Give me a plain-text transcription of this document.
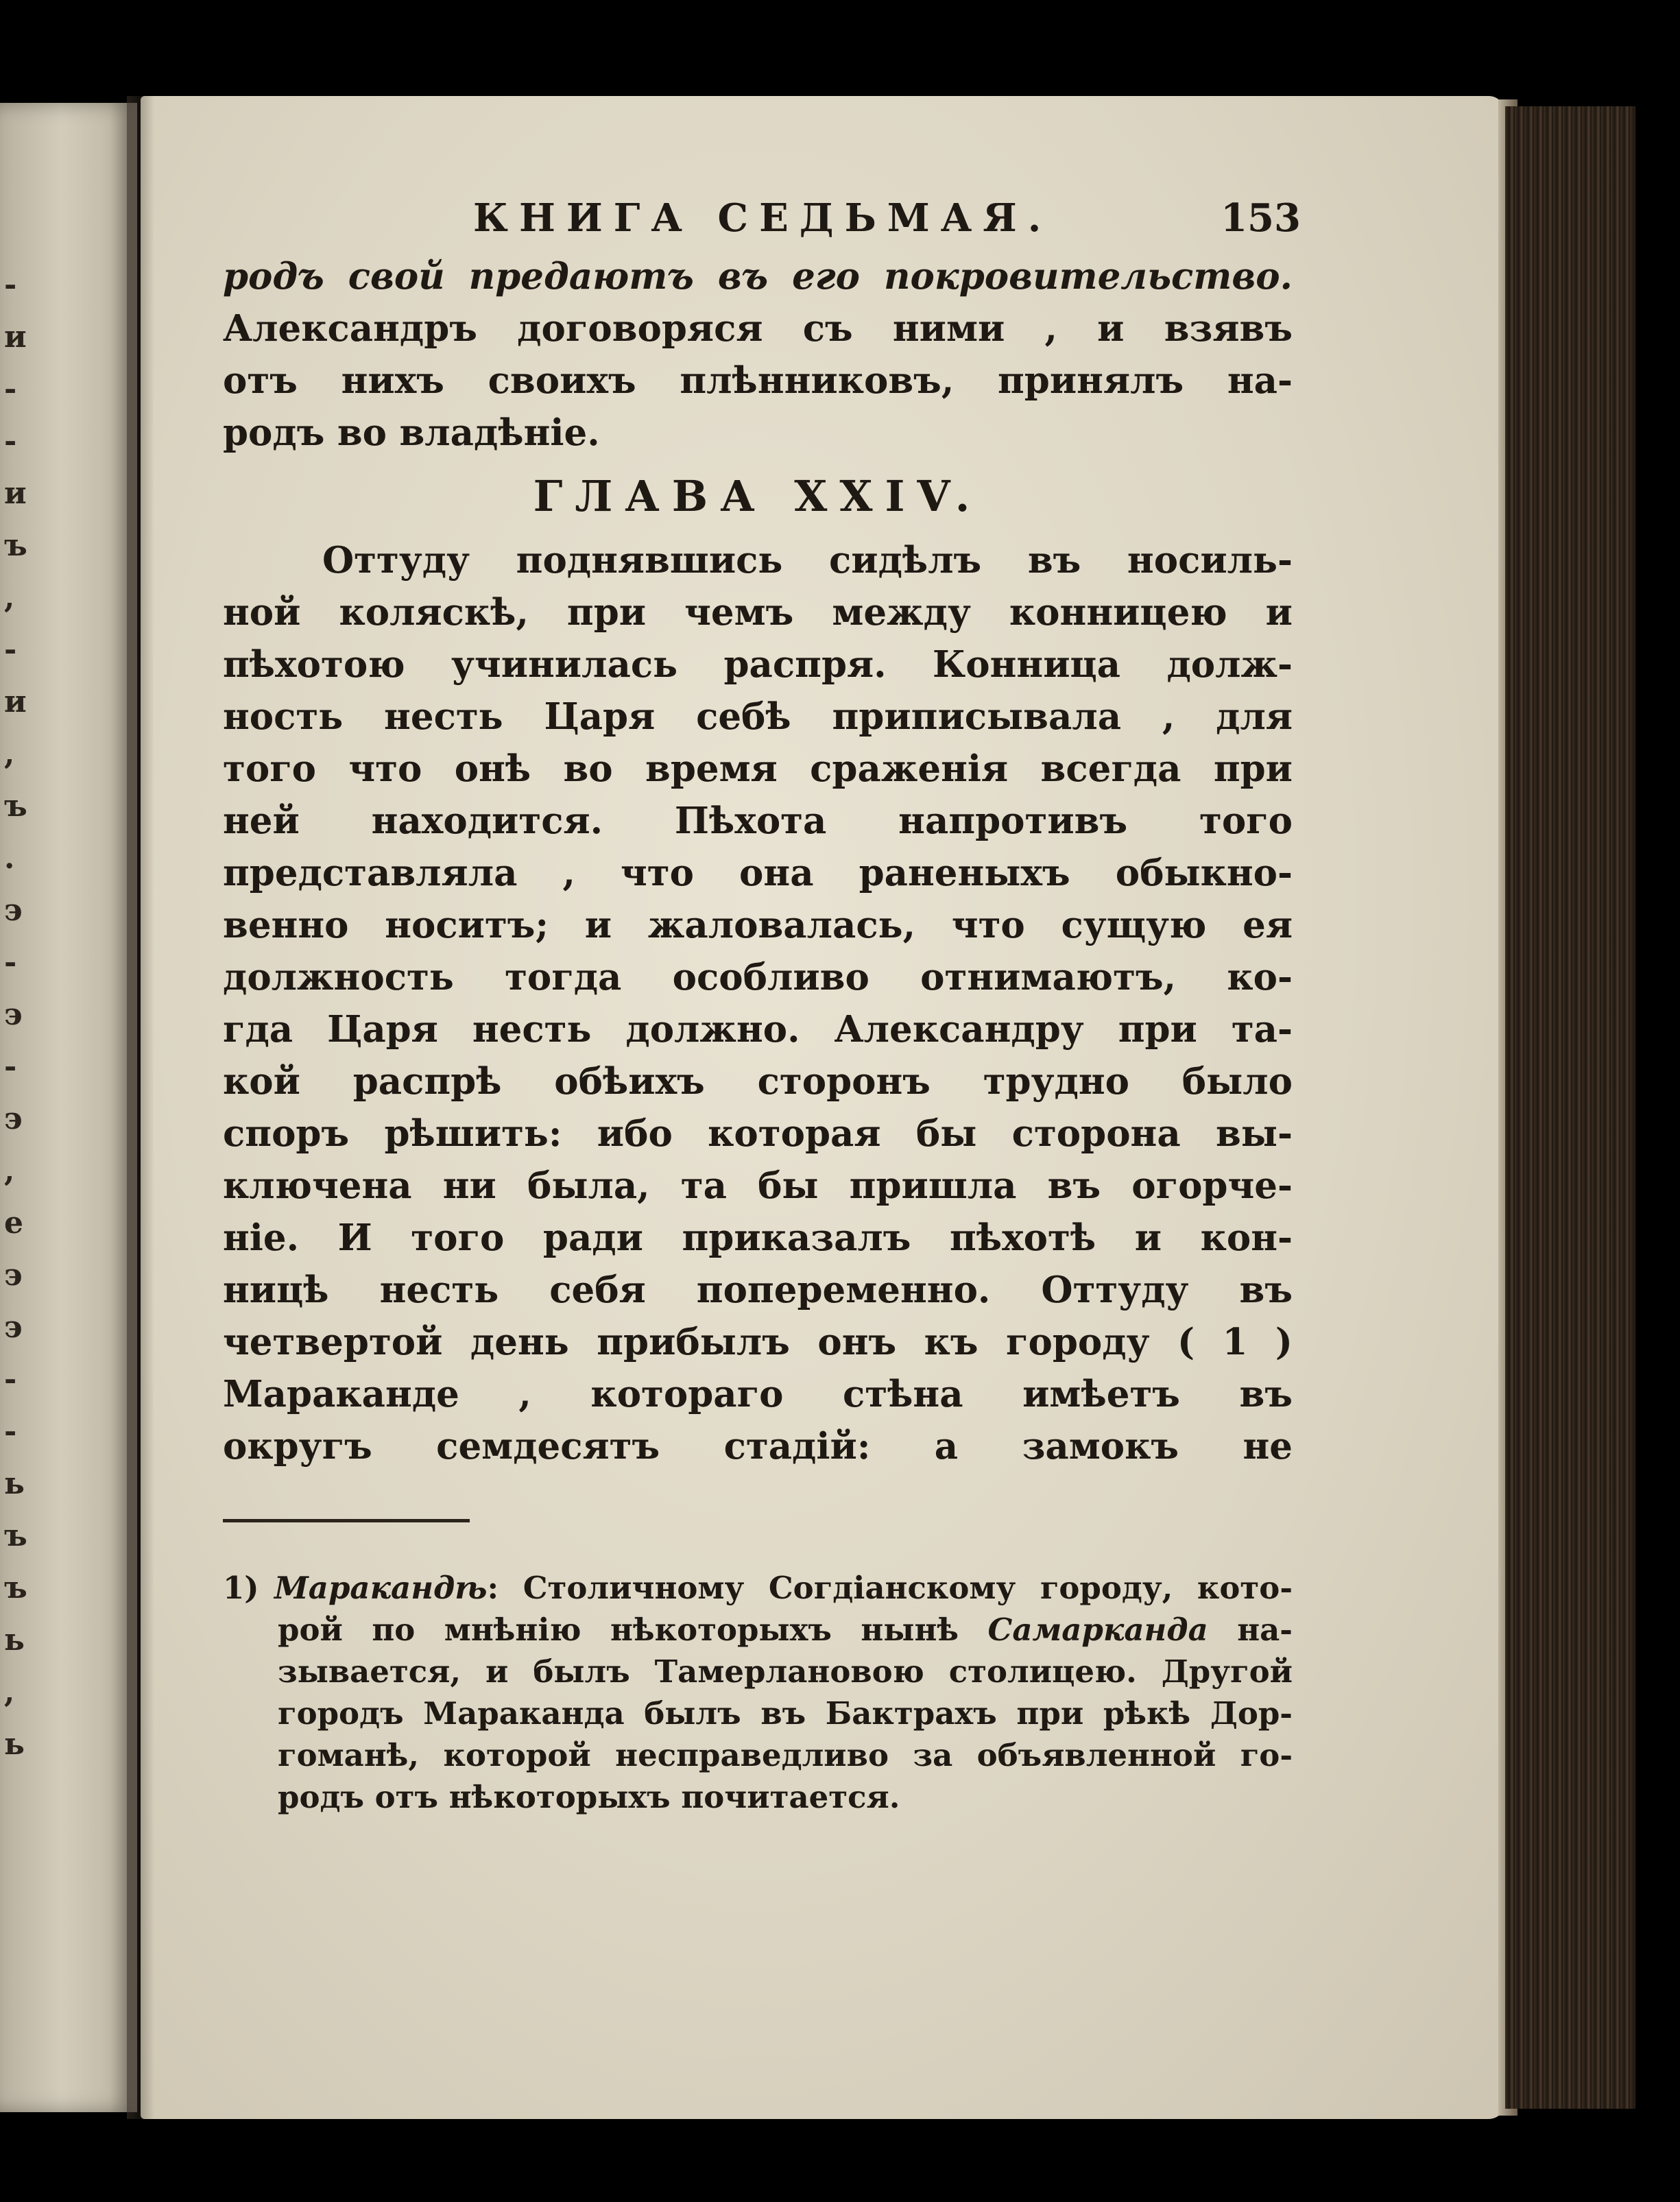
-
и
-
-
и
ъ
,
-
и
,
ъ
.
э
-
э
-
э
,
е
э
э
-
-
ь
ъ
ъ
ь
,
ь
КНИГА СЕДЬМАЯ.	153
родъ свой предаютъ въ его покровительство.
Александръ договоряся съ ними , и взявъ
отъ нихъ своихъ плѣнниковъ, принялъ на-
родъ во владѣніе.
ГЛАВА XXIV.
Оттуду поднявшись сидѣлъ въ носиль-
ной коляскѣ, при чемъ между конницею и
пѣхотою учинилась распря. Конница долж-
ность несть Царя себѣ приписывала , для
того что онѣ во время сраженія всегда при
ней находится. Пѣхота напротивъ того
представляла , что она раненыхъ обыкно-
венно носитъ; и жаловалась, что сущую ея
должность тогда особливо отнимаютъ, ко-
гда Царя несть должно. Александру при та-
кой распрѣ обѣихъ сторонъ трудно было
споръ рѣшить: ибо которая бы сторона вы-
ключена ни была, та бы пришла въ огорче-
ніе. И того ради приказалъ пѣхотѣ и кон-
ницѣ несть себя попеременно. Оттуду въ
четвертой день прибылъ онъ къ городу ( 1 )
Мараканде , котораго стѣна имѣетъ въ
округъ семдесятъ стадій: а замокъ не
1) Маракандѣ: Столичному Согдіанскому городу, кото-
рой по мнѣнію нѣкоторыхъ нынѣ Самарканда на-
зывается, и былъ Тамерлановою столицею. Другой
городъ Мараканда былъ въ Бактрахъ при рѣкѣ Дор-
гоманѣ, которой несправедливо за объявленной го-
родъ отъ нѣкоторыхъ почитается.
